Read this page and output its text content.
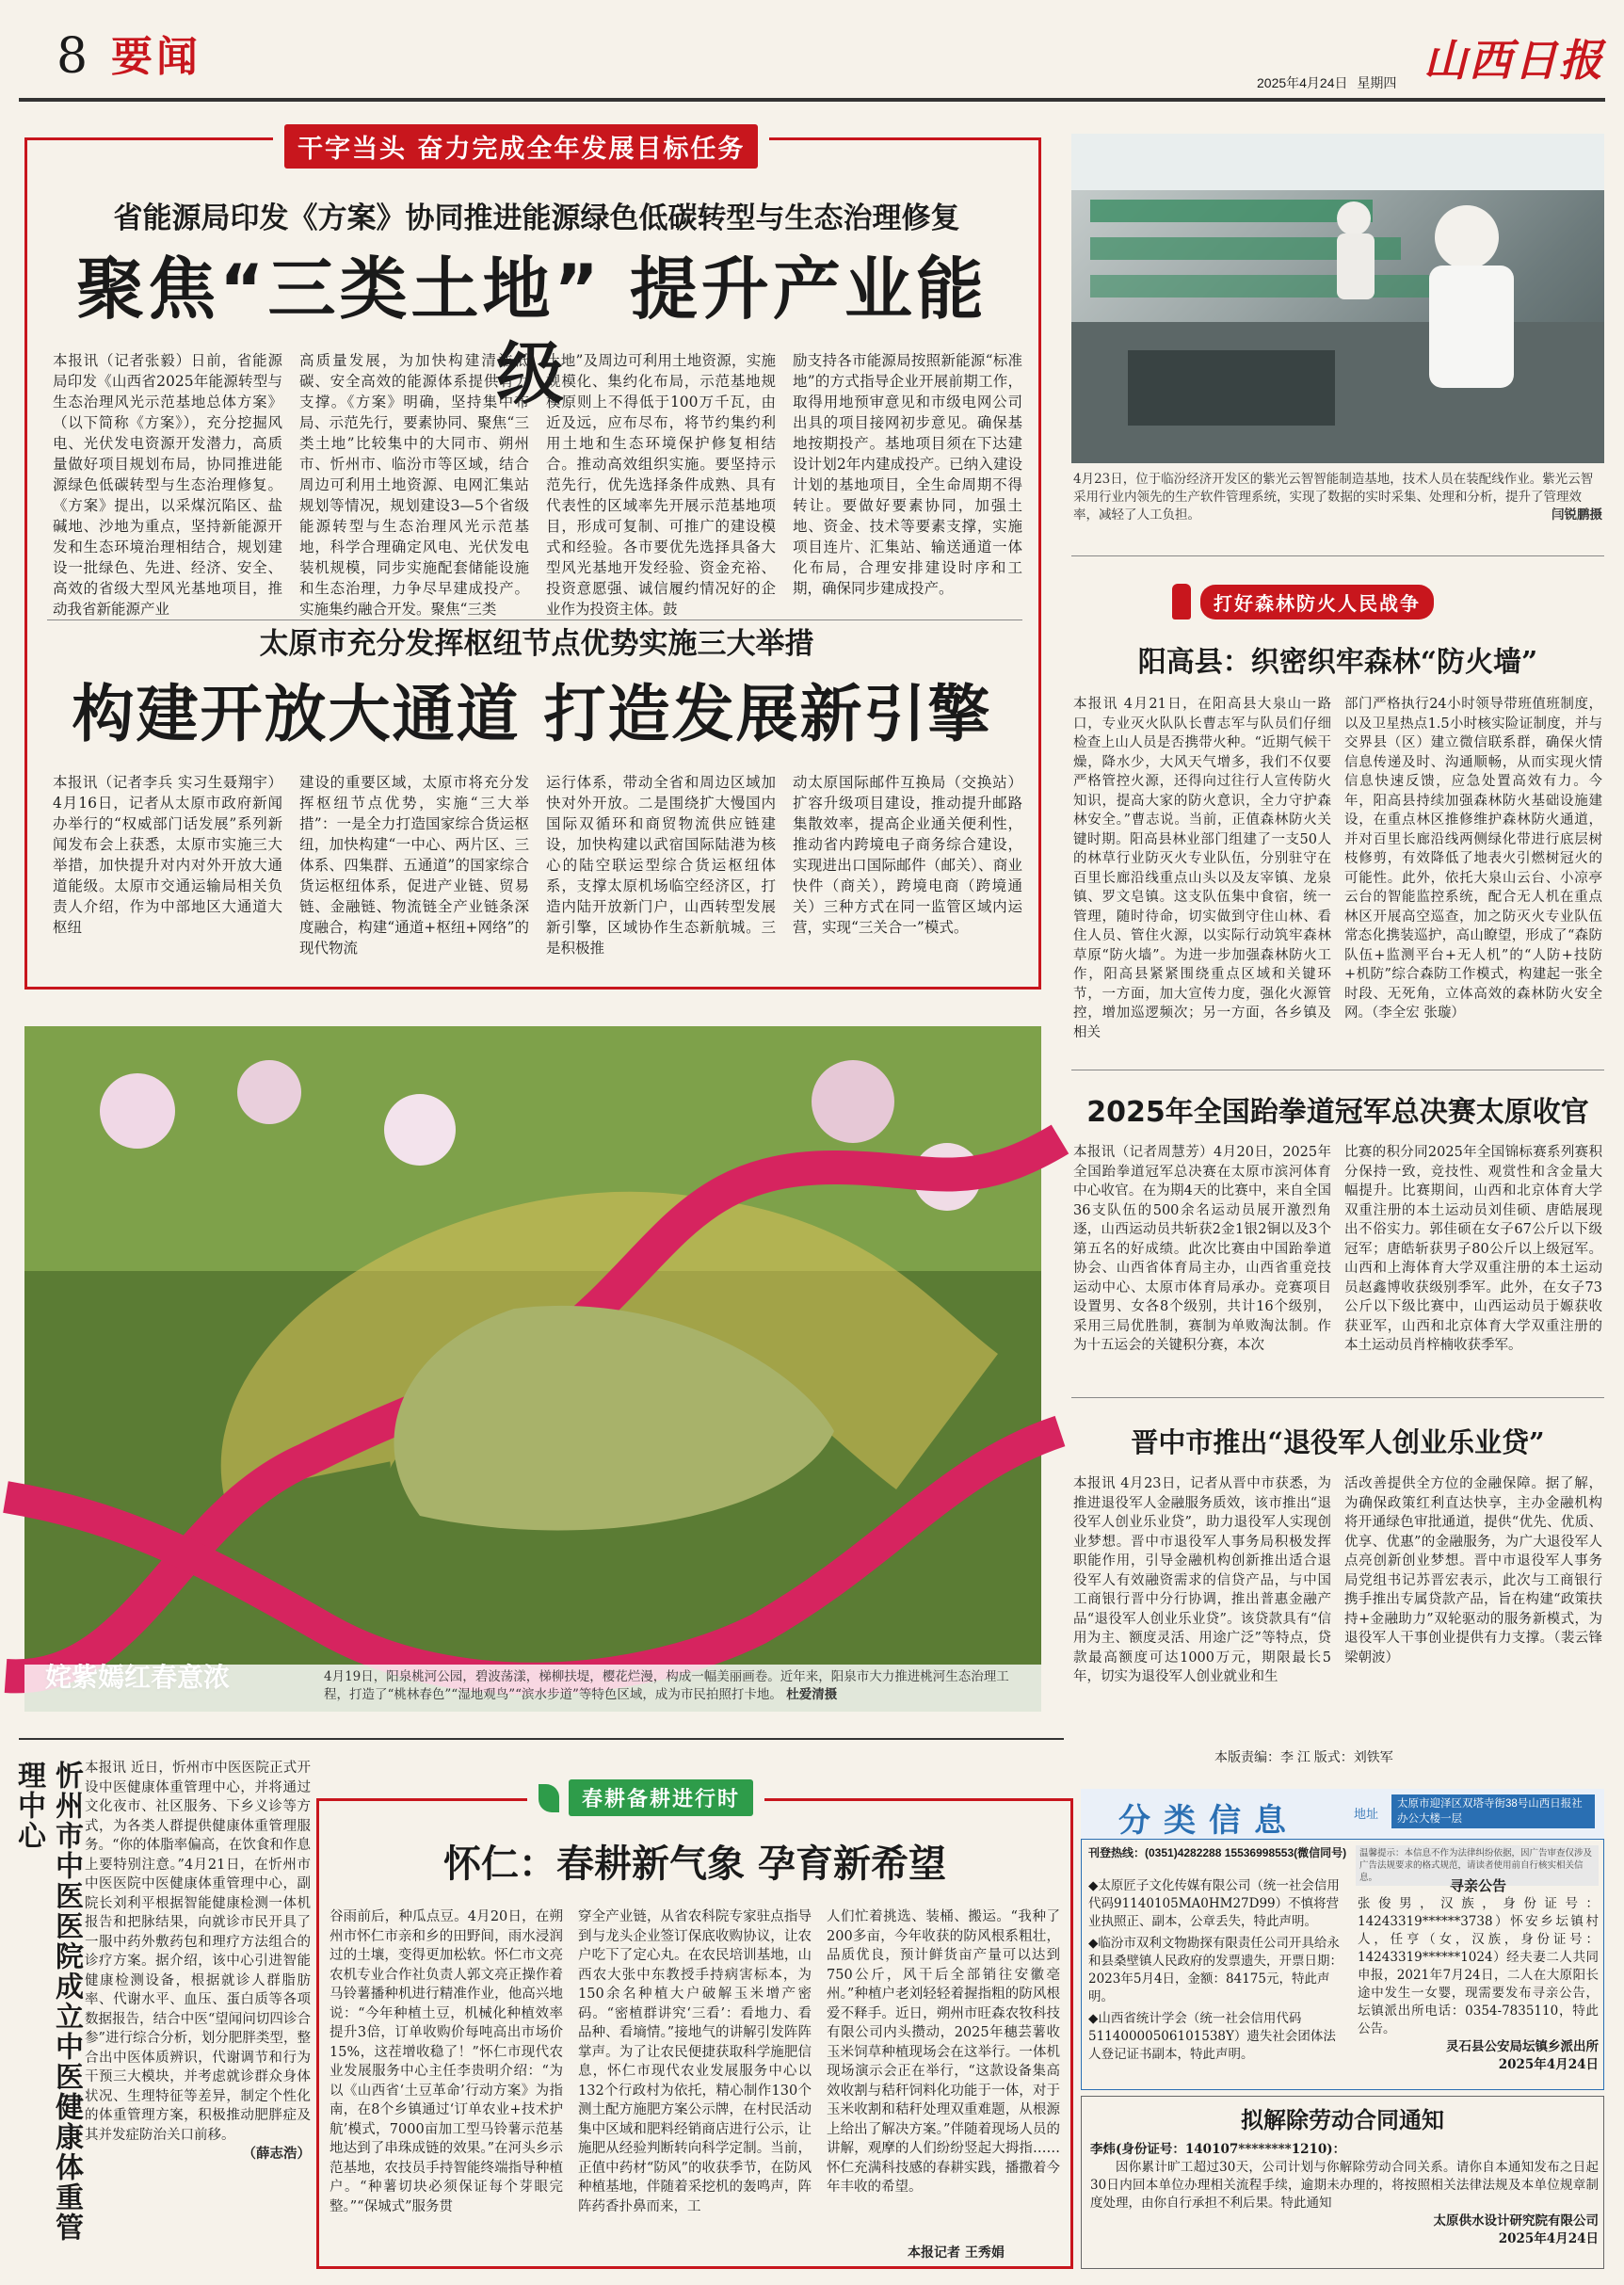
8 要闻
2025年4月24日 星期四 山西日报
干字当头 奋力完成全年发展目标任务
省能源局印发《方案》协同推进能源绿色低碳转型与生态治理修复
聚焦“三类土地” 提升产业能级
本报讯（记者张毅）日前，省能源局印发《山西省2025年能源转型与生态治理风光示范基地总体方案》（以下简称《方案》），充分挖掘风电、光伏发电资源开发潜力，高质量做好项目规划布局，协同推进能源绿色低碳转型与生态治理修复。《方案》提出，以采煤沉陷区、盐碱地、沙地为重点，坚持新能源开发和生态环境治理相结合，规划建设一批绿色、先进、经济、安全、高效的省级大型风光基地项目，推动我省新能源产业
高质量发展，为加快构建清洁低碳、安全高效的能源体系提供有力支撑。《方案》明确，坚持集中布局、示范先行，要素协同、聚焦“三类土地”比较集中的大同市、朔州市、忻州市、临汾市等区域，结合周边可利用土地资源、电网汇集站规划等情况，规划建设3—5个省级能源转型与生态治理风光示范基地，科学合理确定风电、光伏发电装机规模，同步实施配套储能设施和生态治理，力争尽早建成投产。实施集约融合开发。聚焦“三类
土地”及周边可利用土地资源，实施规模化、集约化布局，示范基地规模原则上不得低于100万千瓦，由近及远，应布尽布，将节约集约利用土地和生态环境保护修复相结合。推动高效组织实施。要坚持示范先行，优先选择条件成熟、具有代表性的区域率先开展示范基地项目，形成可复制、可推广的建设模式和经验。各市要优先选择具备大型风光基地开发经验、资金充裕、投资意愿强、诚信履约情况好的企业作为投资主体。鼓
励支持各市能源局按照新能源“标准地”的方式指导企业开展前期工作，取得用地预审意见和市级电网公司出具的项目接网初步意见。确保基地按期投产。基地项目须在下达建设计划2年内建成投产。已纳入建设计划的基地项目，全生命周期不得转让。要做好要素协同，加强土地、资金、技术等要素支撑，实施项目连片、汇集站、输送通道一体化布局，合理安排建设时序和工期，确保同步建成投产。
太原市充分发挥枢纽节点优势实施三大举措
构建开放大通道 打造发展新引擎
本报讯（记者李兵 实习生聂翔宇）4月16日，记者从太原市政府新闻办举行的“权威部门话发展”系列新闻发布会上获悉，太原市实施三大举措，加快提升对内对外开放大通道能级。太原市交通运输局相关负责人介绍，作为中部地区大通道大枢纽
建设的重要区域，太原市将充分发挥枢纽节点优势，实施“三大举措”：一是全力打造国家综合货运枢纽，加快构建“一中心、两片区、三体系、四集群、五通道”的国家综合货运枢纽体系，促进产业链、贸易链、金融链、物流链全产业链条深度融合，构建“通道+枢纽+网络”的现代物流
运行体系，带动全省和周边区域加快对外开放。二是围绕扩大慢国内国际双循环和商贸物流供应链建设，加快构建以武宿国际陆港为核心的陆空联运型综合货运枢纽体系，支撑太原机场临空经济区，打造内陆开放新门户，山西转型发展新引擎，区域协作生态新航城。三是积极推
动太原国际邮件互换局（交换站）扩容升级项目建设，推动提升邮路集散效率，提高企业通关便利性，推动省内跨境电子商务综合建设，实现进出口国际邮件（邮关）、商业快件（商关），跨境电商（跨境通关）三种方式在同一监管区域内运营，实现“三关合一”模式。
4月23日，位于临汾经济开发区的紫光云智智能制造基地，技术人员在装配线作业。紫光云智采用行业内领先的生产软件管理系统，实现了数据的实时采集、处理和分析，提升了管理效率，减轻了人工负担。	闫锐鹏摄
打好森林防火人民战争
阳高县：织密织牢森林“防火墙”
本报讯 4月21日，在阳高县大泉山一路口，专业灭火队队长曹志军与队员们仔细检查上山人员是否携带火种。“近期气候干燥，降水少，大风天气增多，我们不仅要严格管控火源，还得向过往行人宣传防火知识，提高大家的防火意识，全力守护森林安全。”曹志说。当前，正值森林防火关键时期。阳高县林业部门组建了一支50人的林草行业防灭火专业队伍，分别驻守在百里长廊沿线重点山头以及友宰镇、龙泉镇、罗文皂镇。这支队伍集中食宿，统一管理，随时待命，切实做到守住山林、看住人员、管住火源，以实际行动筑牢森林草原“防火墙”。为进一步加强森林防火工作，阳高县紧紧围绕重点区域和关键环节，一方面，加大宣传力度，强化火源管控，增加巡逻频次；另一方面，各乡镇及相关
部门严格执行24小时领导带班值班制度，以及卫星热点1.5小时核实险证制度，并与交界县（区）建立微信联系群，确保火情信息传递及时、沟通顺畅，从而实现火情信息快速反馈，应急处置高效有力。今年，阳高县持续加强森林防火基础设施建设，在重点林区推修维护森林防火通道，并对百里长廊沿线两侧绿化带进行底层树枝修剪，有效降低了地表火引燃树冠火的可能性。此外，依托大泉山云台、小凉亭云台的智能监控系统，配合无人机在重点林区开展高空巡查，加之防灭火专业队伍常态化携装巡护，高山瞭望，形成了“森防队伍+监测平台+无人机”的“人防+技防+机防”综合森防工作模式，构建起一张全时段、无死角，立体高效的森林防火安全网。（李全宏 张璇）
4月19日，阳泉桃河公园，碧波荡漾，梯柳扶堤，樱花烂漫，构成一幅美丽画卷。近年来，阳泉市大力推进桃河生态治理工程，打造了“桃林春色”“湿地观鸟”“滨水步道”等特色区域，成为市民拍照打卡地。 杜爱清摄
2025年全国跆拳道冠军总决赛太原收官
本报讯（记者周慧芳）4月20日，2025年全国跆拳道冠军总决赛在太原市滨河体育中心收官。在为期4天的比赛中，来自全国36支队伍的500余名运动员展开激烈角逐，山西运动员共斩获2金1银2铜以及3个第五名的好成绩。此次比赛由中国跆拳道协会、山西省体育局主办，山西省重竞技运动中心、太原市体育局承办。竞赛项目设置男、女各8个级别，共计16个级别，采用三局优胜制，赛制为单败淘汰制。作为十五运会的关键积分赛，本次
比赛的积分同2025年全国锦标赛系列赛积分保持一致，竞技性、观赏性和含金量大幅提升。比赛期间，山西和北京体育大学双重注册的本土运动员刘佳硕、唐皓展现出不俗实力。郭佳硕在女子67公斤以下级冠军；唐皓斩获男子80公斤以上级冠军。山西和上海体育大学双重注册的本土运动员赵鑫博收获级别季军。此外，在女子73公斤以下级比赛中，山西运动员于嫄获收获亚军，山西和北京体育大学双重注册的本土运动员肖梓楠收获季军。
晋中市推出“退役军人创业乐业贷”
本报讯 4月23日，记者从晋中市获悉，为推进退役军人金融服务质效，该市推出“退役军人创业乐业贷”，助力退役军人实现创业梦想。晋中市退役军人事务局积极发挥职能作用，引导金融机构创新推出适合退役军人有效融资需求的信贷产品，与中国工商银行晋中分行协调，推出普惠金融产品“退役军人创业乐业贷”。该贷款具有“信用为主、额度灵活、用途广泛”等特点，贷款最高额度可达1000万元，期限最长5年，切实为退役军人创业就业和生
活改善提供全方位的金融保障。据了解，为确保政策红利直达快享，主办金融机构将开通绿色审批通道，提供“优先、优质、优享、优惠”的金融服务，为广大退役军人点亮创新创业梦想。晋中市退役军人事务局党组书记苏晋宏表示，此次与工商银行携手推出专属贷款产品，旨在构建“政策扶持+金融助力”双轮驱动的服务新模式，为退役军人干事创业提供有力支撑。（裴云锋 梁朝波）
本版责编：李 江 版式：刘铁军
忻州市中医医院成立中医健康体重管理中心	本报讯 近日，忻州市中医医院正式开设中医健康体重管理中心，并将通过文化夜市、社区服务、下乡义诊等方式，为各类人群提供健康体重管理服务。“你的体脂率偏高，在饮食和作息上要特别注意。”4月21日，在忻州市中医医院中医健康体重管理中心，副院长刘利平根据智能健康检测一体机报告和把脉结果，向就诊市民开具了一服中药外敷药包和理疗方法组合的诊疗方案。据介绍，该中心引进智能健康检测设备，根据就诊人群脂肪率、代谢水平、血压、蛋白质等各项数据报告，结合中医“望闻问切四诊合参”进行综合分析，划分肥胖类型，整合出中医体质辨识，代谢调节和行为干预三大模块，并考虑就诊群众身体状况、生理特征等差异，制定个性化的体重管理方案，积极推动肥胖症及其并发症防治关口前移。
（薛志浩）
春耕备耕进行时
怀仁：春耕新气象 孕育新希望
谷雨前后，种瓜点豆。4月20日，在朔州市怀仁市亲和乡的田野间，雨水浸润过的土壤，变得更加松软。怀仁市文亮农机专业合作社负责人郭文亮正操作着马铃薯播种机进行精准作业，他高兴地说：“今年种植土豆，机械化种植效率提升3倍，订单收购价每吨高出市场价15%，这茬增收稳了！”怀仁市现代农业发展服务中心主任李贵明介绍：“为以《山西省‘土豆革命’行动方案》为指南，在8个乡镇通过‘订单农业+技术护航’模式，7000亩加工型马铃薯示范基地达到了串珠成链的效果。”在河头乡示范基地，农技员手持智能终端指导种植户。“种薯切块必须保证每个芽眼完整。”“保城式”服务贯
穿全产业链，从省农科院专家驻点指导到与龙头企业签订保底收购协议，让农户吃下了定心丸。在农民培训基地，山西农大张中东教授手持病害标本，为150余名种植大户破解玉米增产密码。“密植群讲究‘三看’：看地力、看品种、看墒情。”接地气的讲解引发阵阵掌声。为了让农民便捷获取科学施肥信息，怀仁市现代农业发展服务中心以132个行政村为依托，精心制作130个测土配方施肥方案公示牌，在村民活动集中区域和肥料经销商店进行公示，让施肥从经验判断转向科学定制。当前，正值中药材“防风”的收获季节，在防风种植基地，伴随着采挖机的轰鸣声，阵阵药香扑鼻而来，工
人们忙着挑选、装桶、搬运。“我种了200多亩，今年收获的防风根系粗壮，品质优良，预计鲜货亩产量可以达到750公斤，风干后全部销往安徽亳州。”种植户老刘轻轻着握指粗的防风根爱不释手。近日，朔州市旺森农牧科技有限公司内头攒动，2025年穗芸薯收玉米饲草种植现场会在这举行。一体机现场演示会正在举行，“这款设备集高效收割与秸秆饲料化功能于一体，对于玉米收割和秸秆处理双重难题，从根源上给出了解决方案。”伴随着现场人员的讲解，观摩的人们纷纷竖起大拇指……怀仁充满科技感的春耕实践，播撒着今年丰收的希望。
本报记者 王秀娟
分类信息	地址
太原市迎泽区双塔寺街38号山西日报社办公大楼一层
刊登热线：(0351)4282288 15536998553(微信同号)	温馨提示：本信息不作为法律纠纷依据，因广告审查仅涉及广告法规要求的格式规范，请读者使用前自行核实相关信息。
◆太原匠子文化传媒有限公司（统一社会信用代码91140105MA0HM27D99）不慎将营业执照正、副本，公章丢失，特此声明。
◆临汾市双利文物勘探有限责任公司开具给永和县桑壁镇人民政府的发票遗失，开票日期：2023年5月4日，金额：84175元，特此声明。
◆山西省统计学会（统一社会信用代码51140000506101538Y）遗失社会团体法人登记证书副本，特此声明。
寻亲公告
张俊男，汉族，身份证号：14243319******3738）怀安乡坛镇村人，任亨（女，汉族，身份证号：14243319******1024）经夫妻二人共同申报，2021年7月24日，二人在大原阳长途中发生一女婴，现需要发布寻亲公告，坛镇派出所电话：0354-7835110，特此公告。
灵石县公安局坛镇乡派出所
2025年4月24日
拟解除劳动合同通知
李炜(身份证号：140107********1210)：
因你累计旷工超过30天，公司计划与你解除劳动合同关系。请你自本通知发布之日起30日内回本单位办理相关流程手续，逾期未办理的，将按照相关法律法规及本单位规章制度处理，由你自行承担不利后果。特此通知
太原供水设计研究院有限公司
2025年4月24日
